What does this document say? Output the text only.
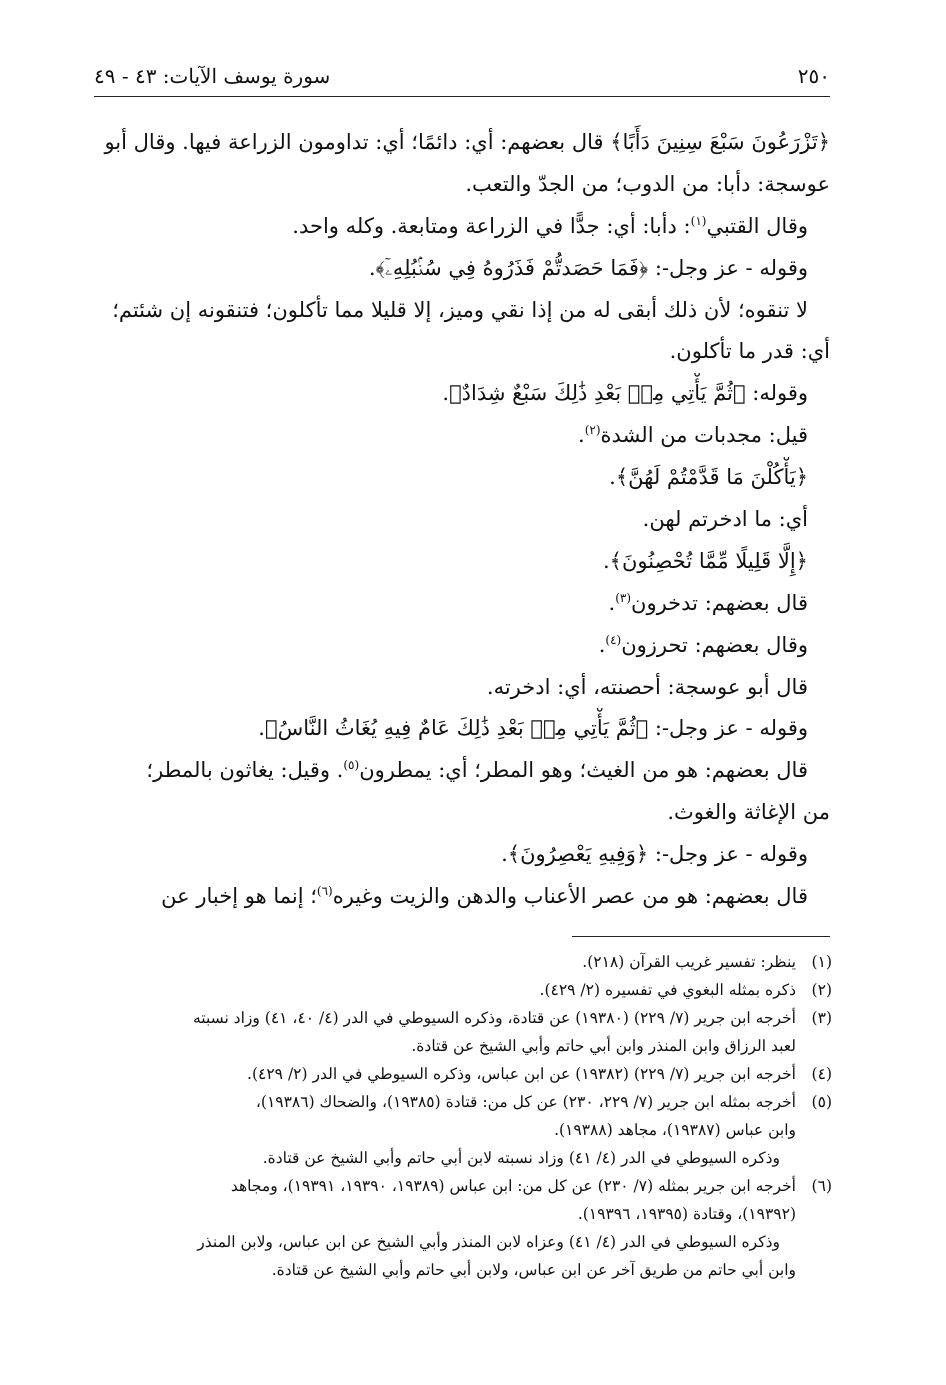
٢٥٠
سورة يوسف الآيات: ٤٣ - ٤٩
﴿تَزْرَعُونَ سَبْعَ سِنِينَ دَأَبًا﴾ قال بعضهم: أي: دائمًا؛ أي: تداومون الزراعة فيها. وقال أبو
عوسجة: دأبا: من الدوب؛ من الجدّ والتعب.
وقال القتبي$^{(١)}$: دأبا: أي: جدًّا في الزراعة ومتابعة. وكله واحد.
وقوله - عز وجل-: ﴿فَمَا حَصَدتُّمْ فَذَرُوهُ فِي سُنۢبُلِهِۦٓ﴾.
لا تنقوه؛ لأن ذلك أبقى له من إذا نقي وميز، إلا قليلا مما تأكلون؛ فتنقونه إن شئتم؛
أي: قدر ما تأكلون.
وقوله: ﴿ثُمَّ يَأْتِي مِنۢ بَعْدِ ذَٰلِكَ سَبْعٌ شِدَادٌ﴾.
قيل: مجدبات من الشدة$^{(٢)}$.
﴿يَأْكُلْنَ مَا قَدَّمْتُمْ لَهُنَّ﴾.
أي: ما ادخرتم لهن.
﴿إِلَّا قَلِيلًا مِّمَّا تُحْصِنُونَ﴾.
قال بعضهم: تدخرون$^{(٣)}$.
وقال بعضهم: تحرزون$^{(٤)}$.
قال أبو عوسجة: أحصنته، أي: ادخرته.
وقوله - عز وجل-: ﴿ثُمَّ يَأْتِي مِنۢ بَعْدِ ذَٰلِكَ عَامٌ فِيهِ يُغَاثُ النَّاسُ﴾.
قال بعضهم: هو من الغيث؛ وهو المطر؛ أي: يمطرون$^{(٥)}$. وقيل: يغاثون بالمطر؛
من الإغاثة والغوث.
وقوله - عز وجل-: ﴿وَفِيهِ يَعْصِرُونَ﴾.
قال بعضهم: هو من عصر الأعناب والدهن والزيت وغيره$^{(٦)}$؛ إنما هو إخبار عن
(١)ينظر: تفسير غريب القرآن (٢١٨).
(٢)ذكره بمثله البغوي في تفسيره (٢/ ٤٢٩).
(٣)أخرجه ابن جرير (٧/ ٢٢٩) (١٩٣٨٠) عن قتادة، وذكره السيوطي في الدر (٤/ ٤٠، ٤١) وزاد نسبته
لعبد الرزاق وابن المنذر وابن أبي حاتم وأبي الشيخ عن قتادة.
(٤)أخرجه ابن جرير (٧/ ٢٢٩) (١٩٣٨٢) عن ابن عباس، وذكره السيوطي في الدر (٢/ ٤٢٩).
(٥)أخرجه بمثله ابن جرير (٧/ ٢٢٩، ٢٣٠) عن كل من: قتادة (١٩٣٨٥)، والضحاك (١٩٣٨٦)،
وابن عباس (١٩٣٨٧)، مجاهد (١٩٣٨٨).
وذكره السيوطي في الدر (٤/ ٤١) وزاد نسبته لابن أبي حاتم وأبي الشيخ عن قتادة.
(٦)أخرجه ابن جرير بمثله (٧/ ٢٣٠) عن كل من: ابن عباس (١٩٣٨٩، ١٩٣٩٠، ١٩٣٩١)، ومجاهد
(١٩٣٩٢)، وقتادة (١٩٣٩٥، ١٩٣٩٦).
وذكره السيوطي في الدر (٤/ ٤١) وعزاه لابن المنذر وأبي الشيخ عن ابن عباس، ولابن المنذر
وابن أبي حاتم من طريق آخر عن ابن عباس، ولابن أبي حاتم وأبي الشيخ عن قتادة.
